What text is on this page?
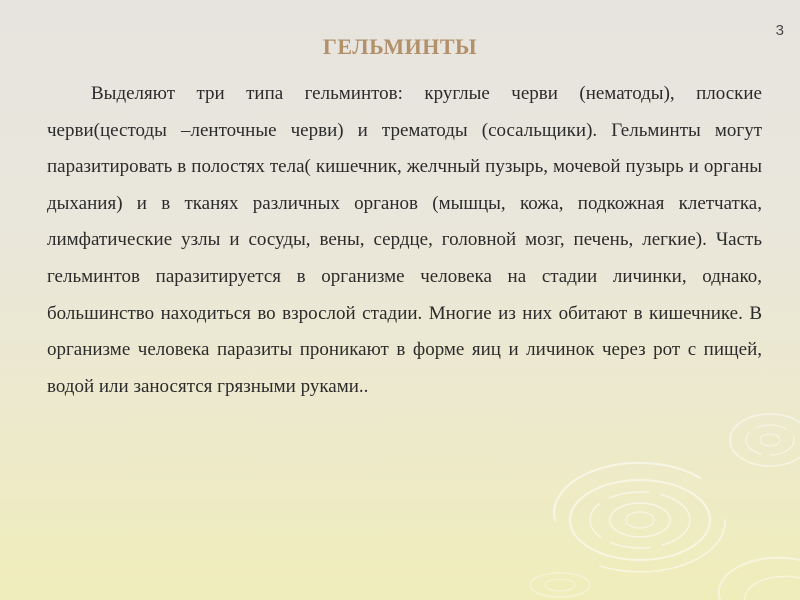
3
ГЕЛЬМИНТЫ

Выделяют три типа гельминтов: круглые черви (нематоды), плоские черви(цестоды –ленточные черви) и трематоды (сосальщики). Гельминты могут паразитировать в полостях тела( кишечник, желчный пузырь, мочевой пузырь и органы дыхания) и в тканях различных органов (мышцы, кожа, подкожная клетчатка, лимфатические узлы и сосуды, вены, сердце, головной мозг, печень, легкие). Часть гельминтов паразитируется в организме человека на стадии личинки, однако, большинство находиться во взрослой стадии. Многие из них обитают в кишечнике. В организме человека паразиты проникают в форме яиц и личинок через рот с пищей, водой или заносятся грязными руками..
